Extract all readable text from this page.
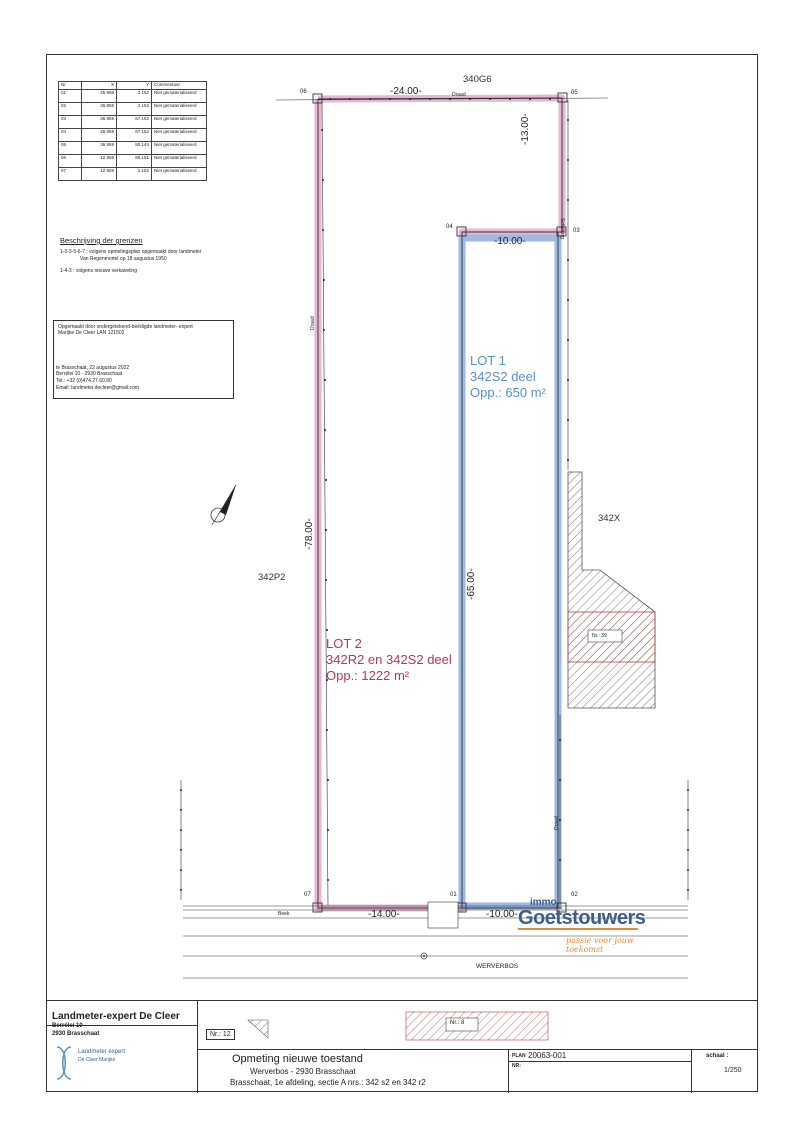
Nr	X	Y	Commentaar
01	26.958	2.152	Niet gematerialiseerd
02	36.959	2.152	Niet gematerialiseerd
03	36.959	67.152	Niet gematerialiseerd
04	26.959	67.152	Niet gematerialiseerd
05	36.959	80.144	Niet gematerialiseerd
06	12.959	80.151	Niet gematerialiseerd
07	12.959	2.152	Niet gematerialiseerd
Beschrijving der grenzen
1-2-3-5-6-7 : volgens opmetingsplan opgemaakt door landmeter
Van Regenmortel op 18 augustus 1950
1-4-3 : volgens nieuwe verkaveling
Opgemaakt door ondergetekend-beëdigde landmeter- expert
Marijke De Cleer LAN 121502
te Brasschaat, 22 augustus 2022
Berrélei 10 - 2930 Brasschaat
Tel.: +32 (0)474.27.60.80
Email: landmeter.decleer@gmail.com
340G6
342P2
342X
-24.00-
-13.00-
-10.00-
-78.00-
-65.00-
-14.00-	-10.00-
06	05
04
03
07	01	02
Draad
Draad
Draad
Schutting
Beek
Nr.: 39
WERVERBOS
LOT 1
342S2 deel
Opp.: 650 m²
LOT 2
342R2 en 342S2 deel
Opp.: 1222 m²
immo
Goetstouwers
passie voor jouw toekomst
Landmeter-expert De Cleer
Berrélei 10
2930 Brasschaat
Landmeter expert
De Cleer Marijke
Nr.: 12
Nr.: 8
Opmeting nieuwe toestand
Werverbos - 2930 Brasschaat
Brasschaat, 1e afdeling, sectie A nrs.: 342 s2 en 342 r2
PLAN 20063-001
NR:
schaal :
1/250
